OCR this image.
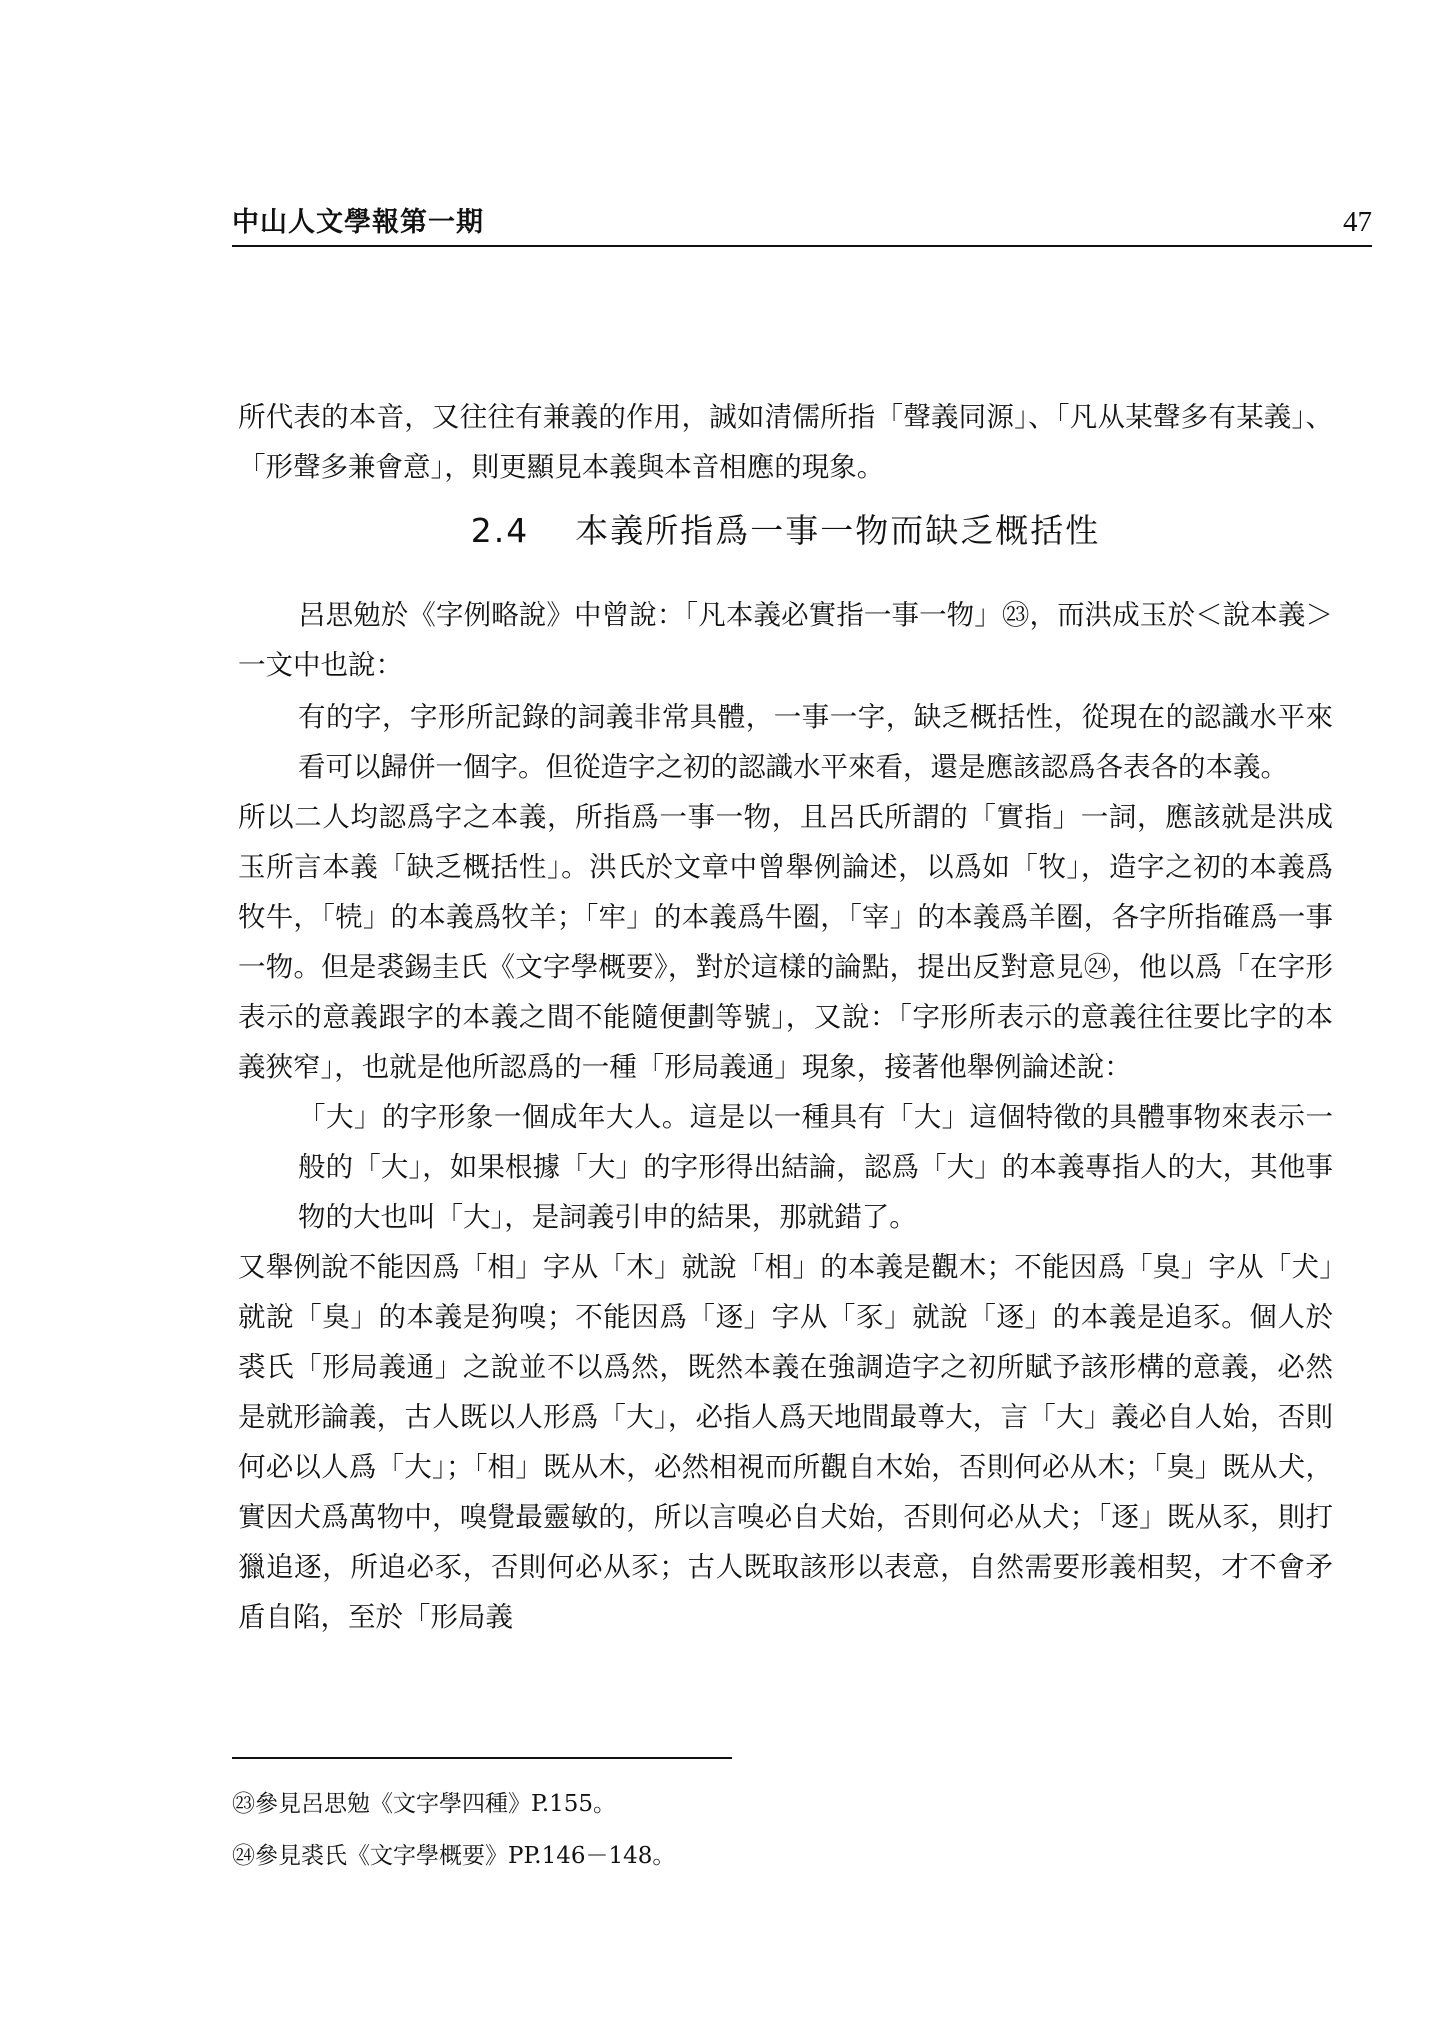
中山人文學報第一期	47

所代表的本音，又往往有兼義的作用，誠如清儒所指「聲義同源」、「凡从某聲多有某義」、「形聲多兼會意」，則更顯見本義與本音相應的現象。

2.4 本義所指爲一事一物而缺乏概括性

呂思勉於《字例略說》中曾說：「凡本義必實指一事一物」㉓，而洪成玉於＜說本義＞一文中也說：

有的字，字形所記錄的詞義非常具體，一事一字，缺乏概括性，從現在的認識水平來看可以歸併一個字。但從造字之初的認識水平來看，還是應該認爲各表各的本義。

所以二人均認爲字之本義，所指爲一事一物，且呂氏所謂的「實指」一詞，應該就是洪成玉所言本義「缺乏概括性」。洪氏於文章中曾舉例論述，以爲如「牧」，造字之初的本義爲牧牛，「㸿」的本義爲牧羊；「牢」的本義爲牛圈，「宰」的本義爲羊圈，各字所指確爲一事一物。但是裘錫圭氏《文字學概要》，對於這樣的論點，提出反對意見㉔，他以爲「在字形表示的意義跟字的本義之間不能隨便劃等號」，又說：「字形所表示的意義往往要比字的本義狹窄」，也就是他所認爲的一種「形局義通」現象，接著他舉例論述說：

「大」的字形象一個成年大人。這是以一種具有「大」這個特徵的具體事物來表示一般的「大」，如果根據「大」的字形得出結論，認爲「大」的本義專指人的大，其他事物的大也叫「大」，是詞義引申的結果，那就錯了。

又舉例說不能因爲「相」字从「木」就說「相」的本義是觀木；不能因爲「臭」字从「犬」就說「臭」的本義是狗嗅；不能因爲「逐」字从「豕」就說「逐」的本義是追豕。個人於裘氏「形局義通」之說並不以爲然，既然本義在強調造字之初所賦予該形構的意義，必然是就形論義，古人既以人形爲「大」，必指人爲天地間最尊大，言「大」義必自人始，否則何必以人爲「大」；「相」既从木，必然相視而所觀自木始，否則何必从木；「臭」既从犬，實因犬爲萬物中，嗅覺最靈敏的，所以言嗅必自犬始，否則何必从犬；「逐」既从豕，則打獵追逐，所追必豕，否則何必从豕；古人既取該形以表意，自然需要形義相契，才不會矛盾自陷，至於「形局義

㉓參見呂思勉《文字學四種》P.155。

㉔參見裘氏《文字學概要》PP.146－148。
